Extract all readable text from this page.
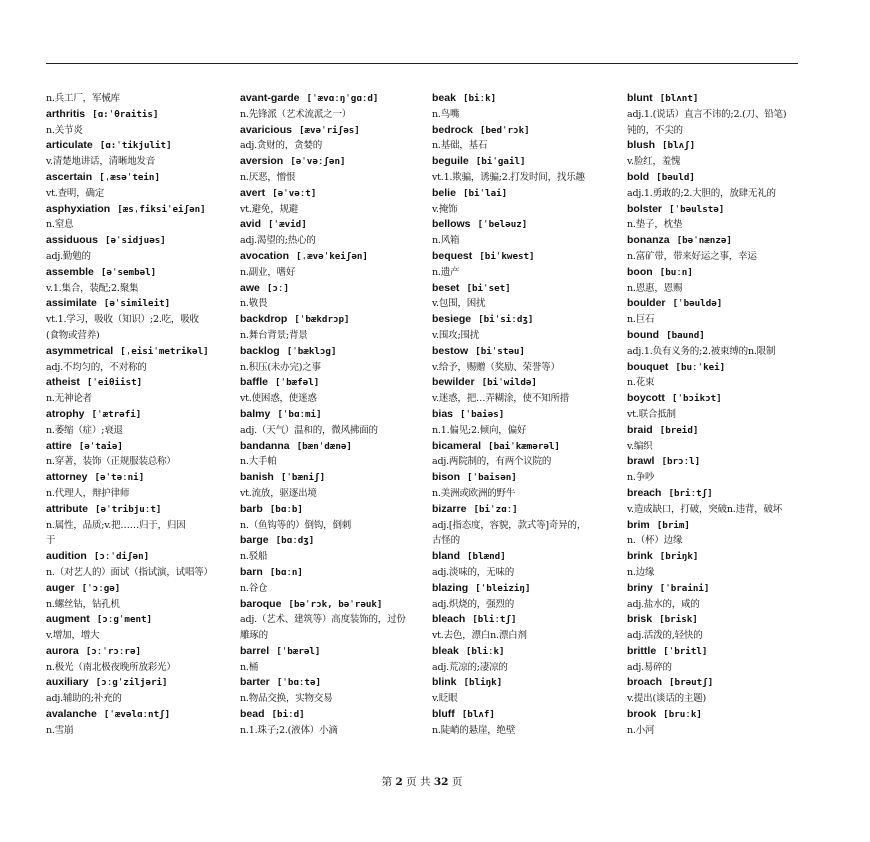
n.兵工厂，军械库
arthritis [ɑ:ˈθraitis]
n.关节炎
articulate [ɑ:ˈtikjulit]
v.清楚地讲话，清晰地发音
ascertain [ˌæsəˈtein]
vt.查明，确定
asphyxiation [æsˌfiksiˈeiʃən]
n.窒息
assiduous [əˈsidjuəs]
adj.勤勉的
assemble [əˈsembəl]
v.1.集合，装配;2.聚集
assimilate [əˈsimileit]
vt.1.学习，吸收（知识）;2.吃，吸收
(食物或营养)
asymmetrical [ˌeisiˈmetrikəl]
adj.不均匀的，不对称的
atheist [ˈeiθiist]
n.无神论者
atrophy [ˈætrəfi]
n.萎缩（症）;衰退
attire [əˈtaiə]
n.穿著，装饰（正规服装总称）
attorney [əˈtəːni]
n.代理人，辩护律师
attribute [əˈtribjuːt]
n.属性，品质;v.把……归于，归因
于
audition [ɔːˈdiʃən]
n.（对艺人的）面试（指试演，试唱等）
auger [ˈɔːgə]
n.螺丝钻，钻孔机
augment [ɔːgˈment]
v.增加，增大
aurora [ɔːˈrɔːrə]
n.极光（南北极夜晚所放彩光）
auxiliary [ɔːgˈziljəri]
adj.辅助的;补充的
avalanche [ˈævəlɑːntʃ]
n.雪崩
avant-garde [ˈævɑːŋˈgɑːd]
n.先锋派（艺术流派之一）
avaricious [ævəˈriʃəs]
adj.贪财的，贪婪的
aversion [əˈvəːʃən]
n.厌恶，憎恨
avert [əˈvəːt]
vt.避免，规避
avid [ˈævid]
adj.渴望的;热心的
avocation [ˌævəˈkeiʃən]
n.副业，嗜好
awe [ɔː]
n.敬畏
backdrop [ˈbækdrɔp]
n.舞台背景;背景
backlog [ˈbæklɔg]
n.积压(未办完)之事
baffle [ˈbæfəl]
vt.使困惑，使迷惑
balmy [ˈbɑːmi]
adj.（天气）温和的，微风拂面的
bandanna [bænˈdænə]
n.大手帕
banish [ˈbæniʃ]
vt.流放，驱逐出境
barb [bɑːb]
n.（鱼钩等的）倒钩，倒刺
barge [bɑːdʒ]
n.驳船
barn [bɑːn]
n.谷仓
baroque [bəˈrɔk, bəˈrəuk]
adj.（艺术、建筑等）高度装饰的，过份
雕琢的
barrel [ˈbærəl]
n.桶
barter [ˈbɑːtə]
n.物品交换，实物交易
bead [biːd]
n.1.珠子;2.(液体）小滴
beak [biːk]
n.鸟嘴
bedrock [bedˈrɔk]
n.基础，基石
beguile [biˈgail]
vt.1.欺骗，诱骗;2.打发时间，找乐趣
belie [biˈlai]
v.掩饰
bellows [ˈbeləuz]
n.风箱
bequest [biˈkwest]
n.遗产
beset [biˈset]
v.包围，困扰
besiege [biˈsiːdʒ]
v.围攻;围扰
bestow [biˈstəu]
v.给予，赐赠（奖励、荣誉等）
bewilder [biˈwildə]
v.迷惑，把…弄糊涂，使不知所措
bias [ˈbaiəs]
n.1.偏见;2.倾向，偏好
bicameral [baiˈkæmərəl]
adj.两院制的，有两个议院的
bison [ˈbaisən]
n.美洲或欧洲的野牛
bizarre [biˈzɑː]
adj.[指态度，容貌，款式等]奇异的，
古怪的
bland [blænd]
adj.淡味的，无味的
blazing [ˈbleiziŋ]
adj.炽烧的，强烈的
bleach [bliːtʃ]
vt.去色，漂白n.漂白剂
bleak [bliːk]
adj.荒凉的;凄凉的
blink [bliŋk]
v.眨眼
bluff [blʌf]
n.陡峭的悬崖，绝壁
blunt [blʌnt]
adj.1.(说话）直言不讳的;2.(刀、铅笔)
钝的，不尖的
blush [blʌʃ]
v.脸红，羞愧
bold [bəuld]
adj.1.勇敢的;2.大胆的，放肆无礼的
bolster [ˈbəulstə]
n.垫子，枕垫
bonanza [bəˈnænzə]
n.富矿带，带来好运之事，幸运
boon [buːn]
n.恩惠，恩赐
boulder [ˈbəuldə]
n.巨石
bound [baund]
adj.1.负有义务的;2.被束缚的n.限制
bouquet [buːˈkei]
n.花束
boycott [ˈbɔikɔt]
vt.联合抵制
braid [breid]
v.编织
brawl [brɔːl]
n.争吵
breach [briːtʃ]
v.造成缺口，打破，突破n.违背，破坏
brim [brim]
n.（杯）边缘
brink [briŋk]
n.边缘
briny [ˈbraini]
adj.盐水的，咸的
brisk [brisk]
adj.活泼的,轻快的
brittle [ˈbritl]
adj.易碎的
broach [brəutʃ]
v.提出(谈话的主题)
brook [bruːk]
n.小河
第 2 页 共 32 页
